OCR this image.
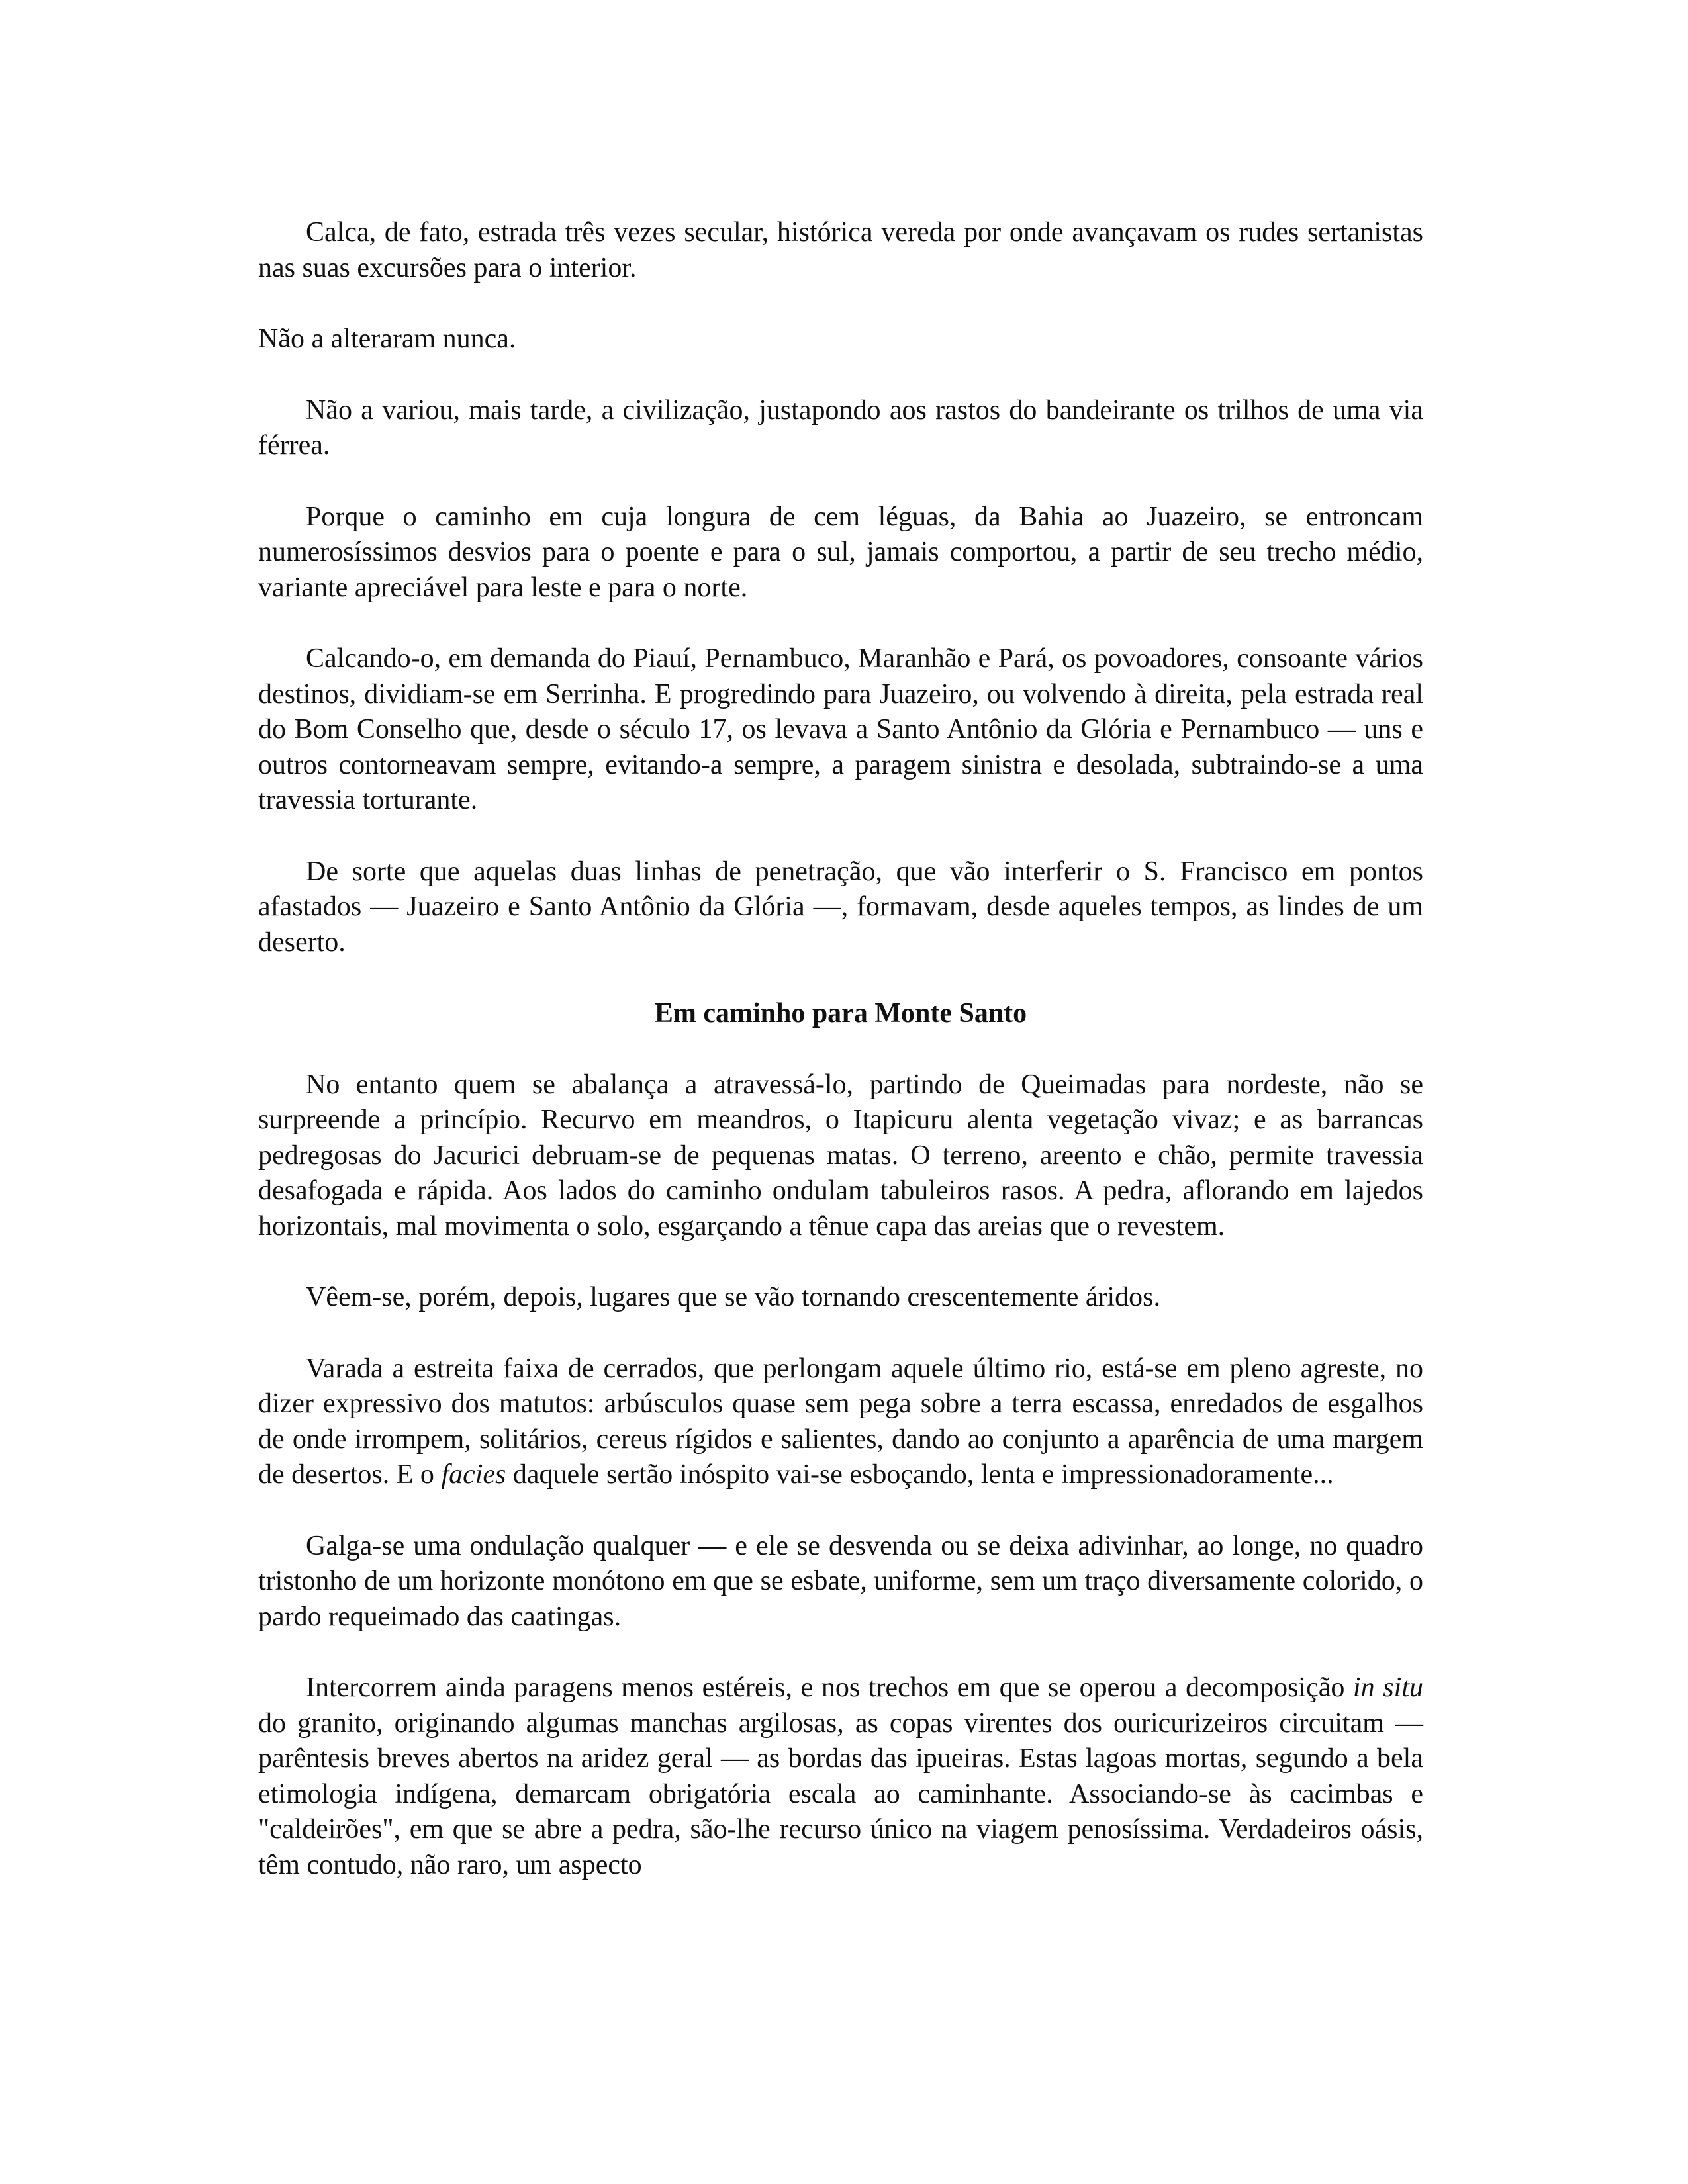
Calca, de fato, estrada três vezes secular, histórica vereda por onde avançavam os rudes sertanistas nas suas excursões para o interior.

Não a alteraram nunca.

Não a variou, mais tarde, a civilização, justapondo aos rastos do bandeirante os trilhos de uma via férrea.

Porque o caminho em cuja longura de cem léguas, da Bahia ao Juazeiro, se entroncam numerosíssimos desvios para o poente e para o sul, jamais comportou, a partir de seu trecho médio, variante apreciável para leste e para o norte.

Calcando-o, em demanda do Piauí, Pernambuco, Maranhão e Pará, os povoadores, consoante vários destinos, dividiam-se em Serrinha. E progredindo para Juazeiro, ou volvendo à direita, pela estrada real do Bom Conselho que, desde o século 17, os levava a Santo Antônio da Glória e Pernambuco — uns e outros contorneavam sempre, evitando-a sempre, a paragem sinistra e desolada, subtraindo-se a uma travessia torturante.

De sorte que aquelas duas linhas de penetração, que vão interferir o S. Francisco em pontos afastados — Juazeiro e Santo Antônio da Glória —, formavam, desde aqueles tempos, as lindes de um deserto.

Em caminho para Monte Santo

No entanto quem se abalança a atravessá-lo, partindo de Queimadas para nordeste, não se surpreende a princípio. Recurvo em meandros, o Itapicuru alenta vegetação vivaz; e as barrancas pedregosas do Jacurici debruam-se de pequenas matas. O terreno, areento e chão, permite travessia desafogada e rápida. Aos lados do caminho ondulam tabuleiros rasos. A pedra, aflorando em lajedos horizontais, mal movimenta o solo, esgarçando a tênue capa das areias que o revestem.

Vêem-se, porém, depois, lugares que se vão tornando crescentemente áridos.

Varada a estreita faixa de cerrados, que perlongam aquele último rio, está-se em pleno agreste, no dizer expressivo dos matutos: arbúsculos quase sem pega sobre a terra escassa, enredados de esgalhos de onde irrompem, solitários, cereus rígidos e salientes, dando ao conjunto a aparência de uma margem de desertos. E o facies daquele sertão inóspito vai-se esboçando, lenta e impressionadoramente...

Galga-se uma ondulação qualquer — e ele se desvenda ou se deixa adivinhar, ao longe, no quadro tristonho de um horizonte monótono em que se esbate, uniforme, sem um traço diversamente colorido, o pardo requeimado das caatingas.

Intercorrem ainda paragens menos estéreis, e nos trechos em que se operou a decomposição in situ do granito, originando algumas manchas argilosas, as copas virentes dos ouricurizeiros circuitam — parêntesis breves abertos na aridez geral — as bordas das ipueiras. Estas lagoas mortas, segundo a bela etimologia indígena, demarcam obrigatória escala ao caminhante. Associando-se às cacimbas e "caldeirões", em que se abre a pedra, são-lhe recurso único na viagem penosíssima. Verdadeiros oásis, têm contudo, não raro, um aspecto
